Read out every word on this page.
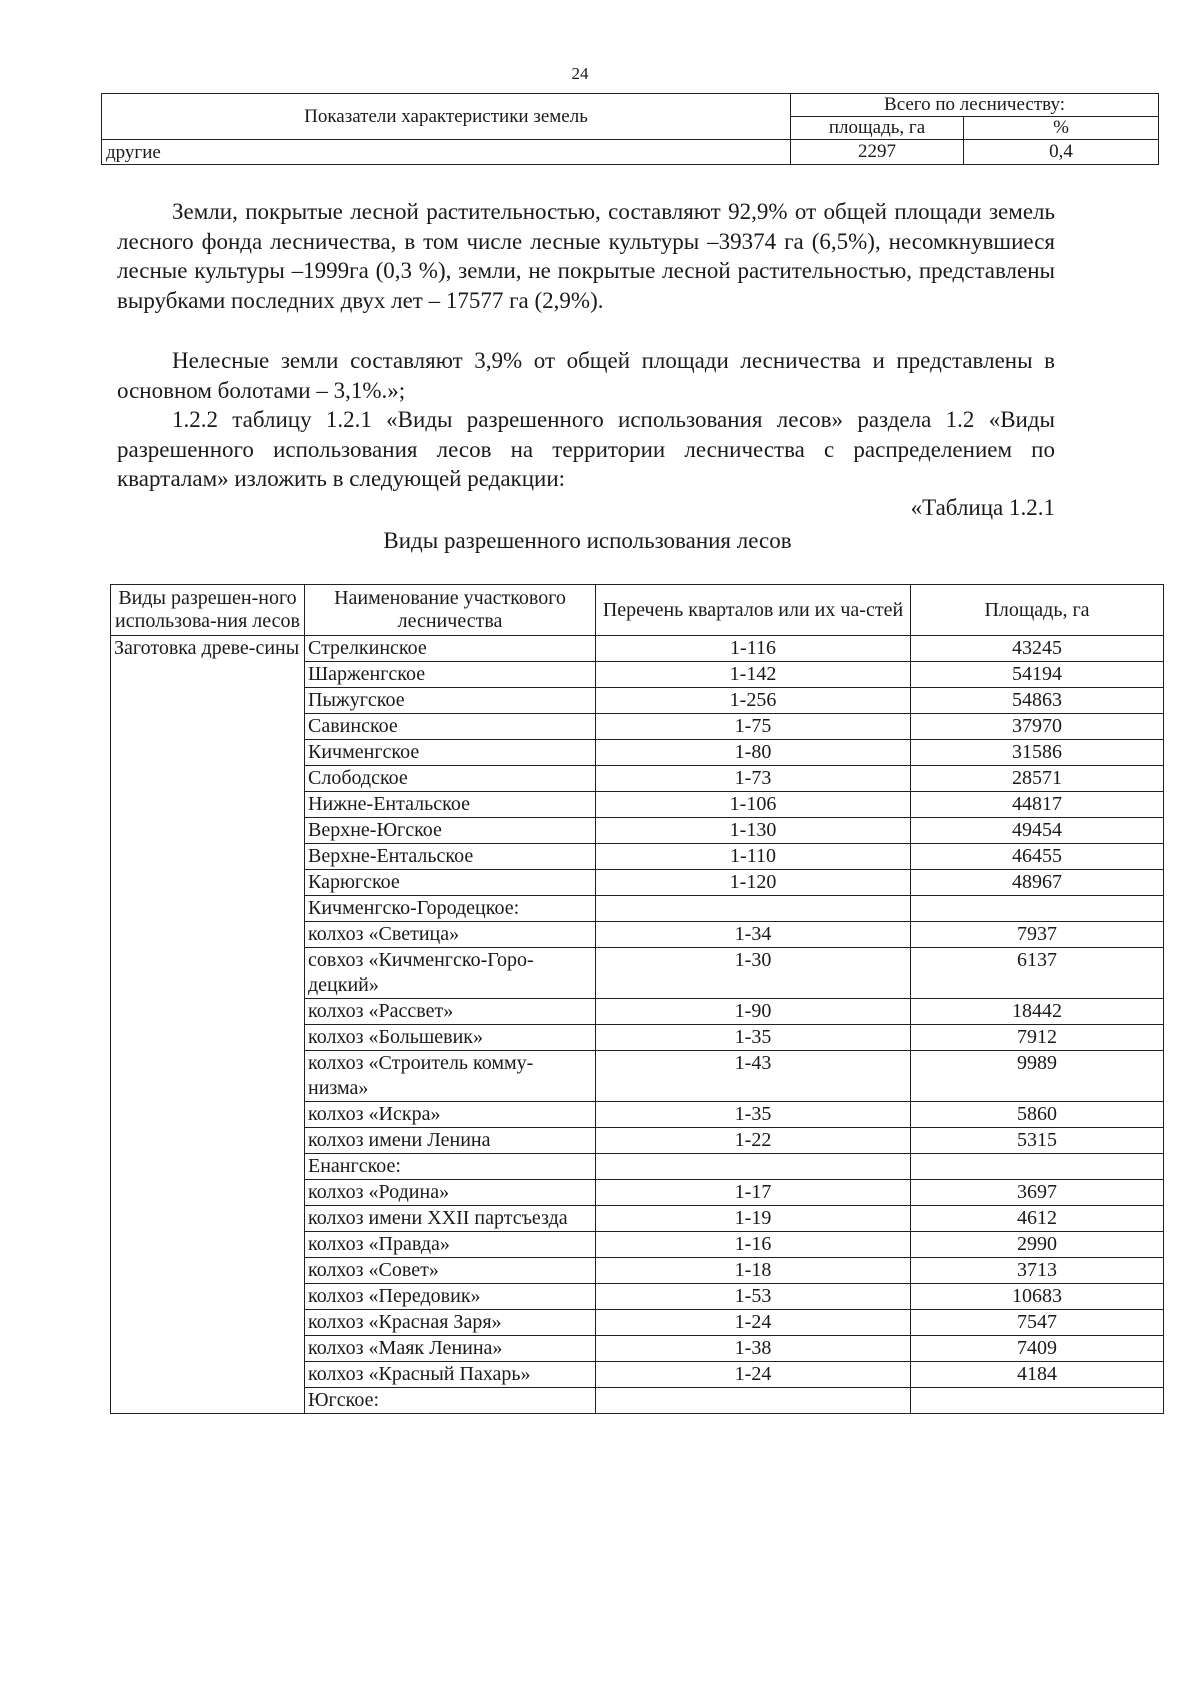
24
Показатели характеристики земель	Всего по лесничеству:	
	площадь, га	%
другие	2297	0,4
Земли, покрытые лесной растительностью, составляют 92,9% от общей площади земель лесного фонда лесничества, в том числе лесные культуры –39374 га (6,5%), несомкнувшиеся лесные культуры –1999га (0,3 %), земли, не покрытые лесной растительностью, представлены вырубками последних двух лет – 17577 га (2,9%).
Нелесные земли составляют 3,9% от общей площади лесничества и представлены в основном болотами – 3,1%.»;
1.2.2 таблицу 1.2.1 «Виды разрешенного использования лесов» раздела 1.2 «Виды разрешенного использования лесов на территории лесничества с распределением по кварталам» изложить в следующей редакции:
«Таблица 1.2.1
Виды разрешенного использования лесов
Виды разрешен-ного использова-ния лесов	Наименование участкового лесничества	Перечень кварталов или их ча-стей	Площадь, га
Заготовка древе-сины	Стрелкинское	1-116	43245
	Шарженгское	1-142	54194
	Пыжугское	1-256	54863
	Савинское	1-75	37970
	Кичменгское	1-80	31586
	Слободское	1-73	28571
	Нижне-Ентальское	1-106	44817
	Верхне-Югское	1-130	49454
	Верхне-Ентальское	1-110	46455
	Карюгское	1-120	48967
	Кичменгско-Городецкое:		
	колхоз «Светица»	1-34	7937
	совхоз «Кичменгско-Горо-децкий»	1-30	6137
	колхоз «Рассвет»	1-90	18442
	колхоз «Большевик»	1-35	7912
	колхоз «Строитель комму-низма»	1-43	9989
	колхоз «Искра»	1-35	5860
	колхоз имени Ленина	1-22	5315
	Енангское:		
	колхоз «Родина»	1-17	3697
	колхоз имени XXII партсъезда	1-19	4612
	колхоз «Правда»	1-16	2990
	колхоз «Совет»	1-18	3713
	колхоз «Передовик»	1-53	10683
	колхоз «Красная Заря»	1-24	7547
	колхоз «Маяк Ленина»	1-38	7409
	колхоз «Красный Пахарь»	1-24	4184
	Югское:		
